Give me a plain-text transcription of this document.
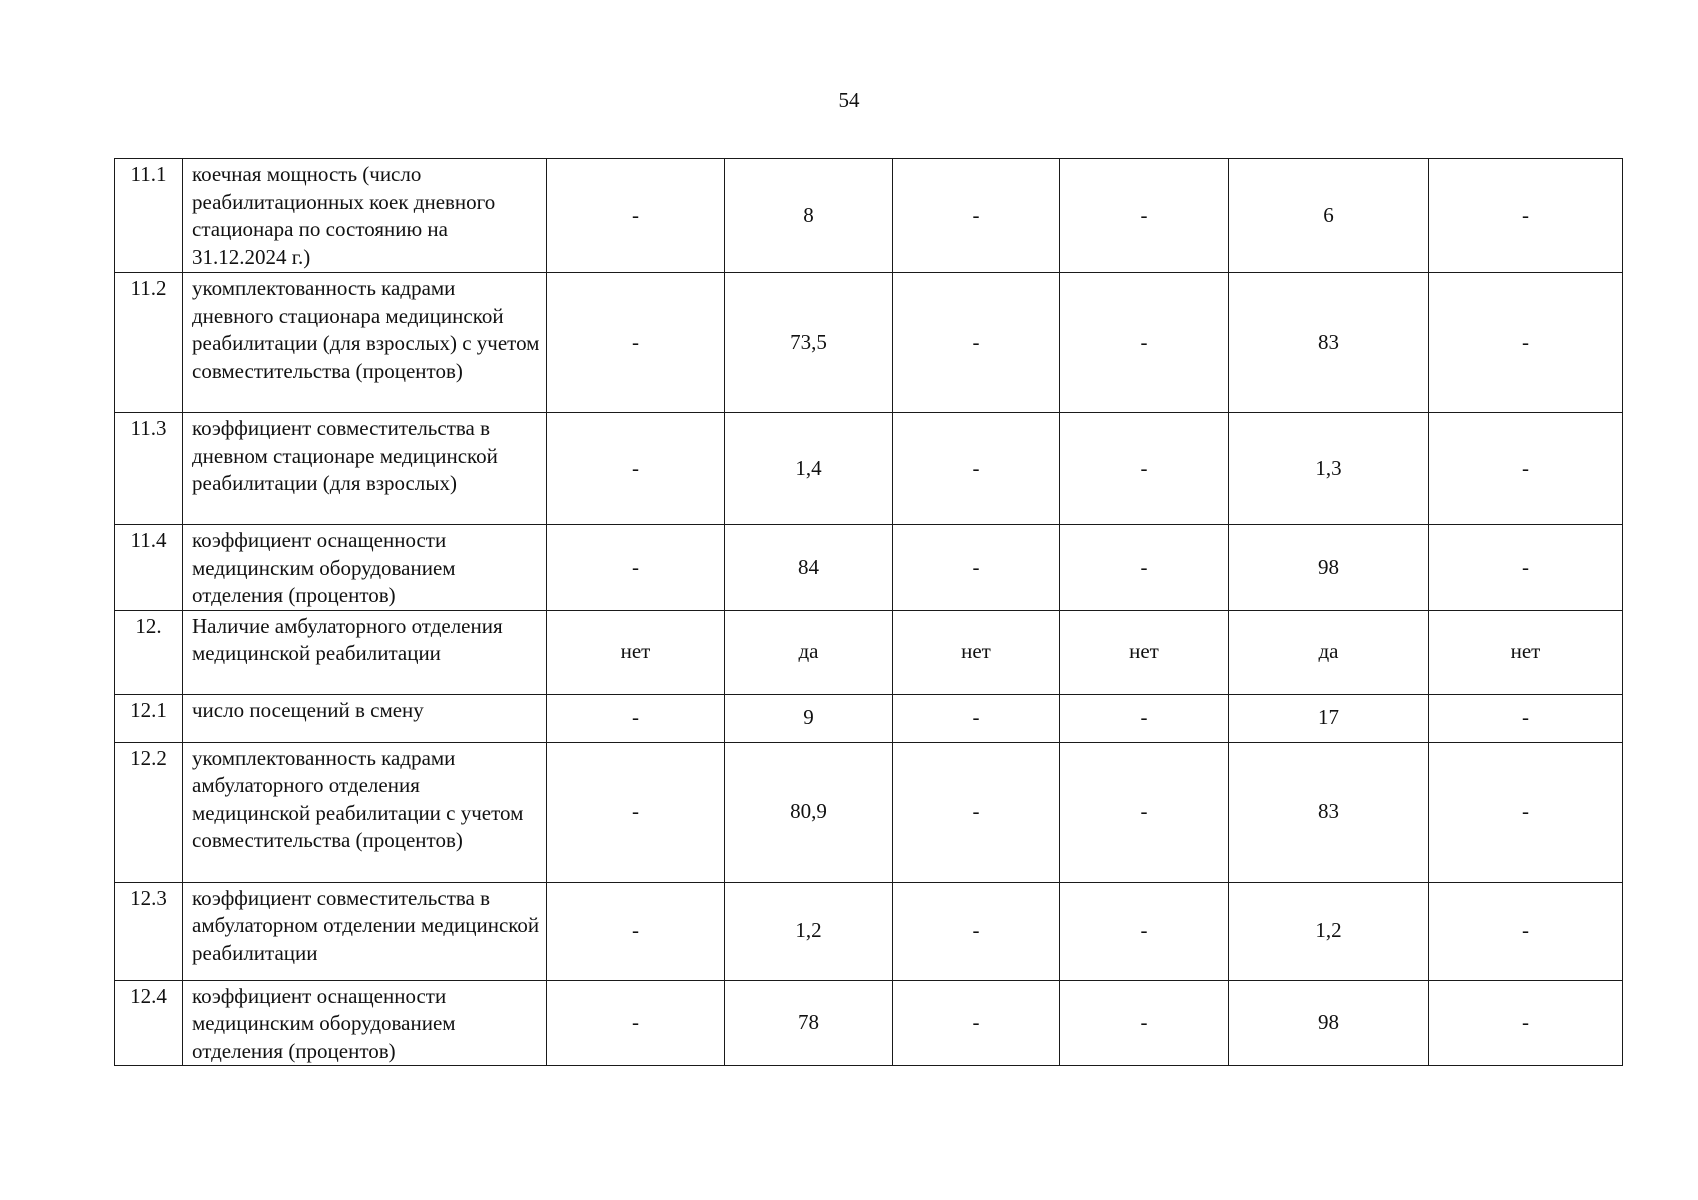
54
11.1	коечная мощность (число реабилитационных коек дневного стационара по состоянию на 31.12.2024 г.)	-	8	-	-	6	-
11.2	укомплектованность кадрами дневного стационара медицинской реабилитации (для взрослых) с учетом совместительства (процентов)	-	73,5	-	-	83	-
11.3	коэффициент совместительства в дневном стационаре медицинской реабилитации (для взрослых)	-	1,4	-	-	1,3	-
11.4	коэффициент оснащенности медицинским оборудованием отделения (процентов)	-	84	-	-	98	-
12.	Наличие амбулаторного отделения медицинской реабилитации	нет	да	нет	нет	да	нет
12.1	число посещений в смену	-	9	-	-	17	-
12.2	укомплектованность кадрами амбулаторного отделения медицинской реабилитации с учетом совместительства (процентов)	-	80,9	-	-	83	-
12.3	коэффициент совместительства в амбулаторном отделении медицинской реабилитации	-	1,2	-	-	1,2	-
12.4	коэффициент оснащенности медицинским оборудованием отделения (процентов)	-	78	-	-	98	-
